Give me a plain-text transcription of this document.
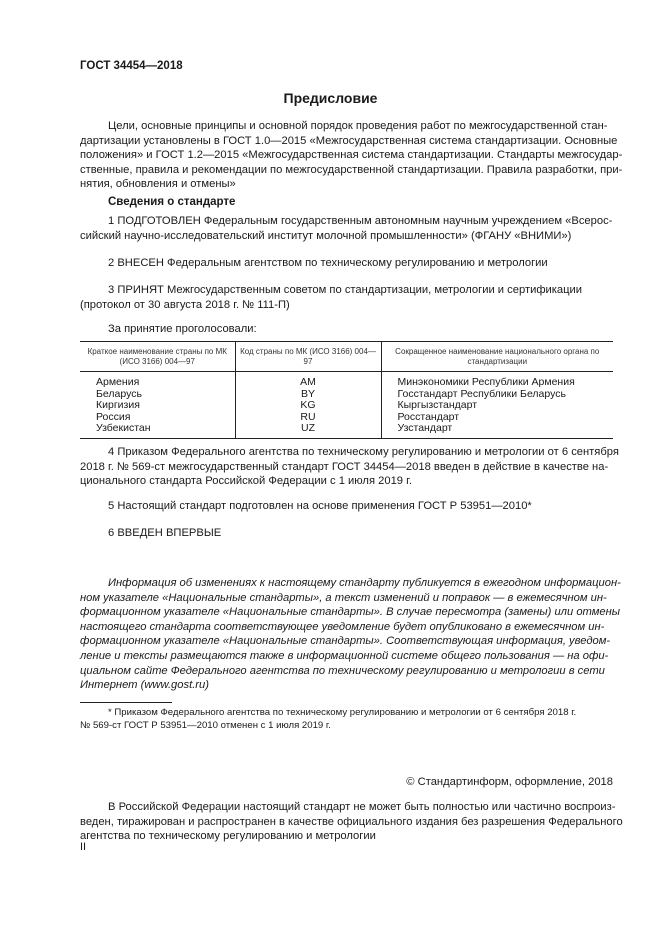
ГОСТ 34454—2018
Предисловие
Цели, основные принципы и основной порядок проведения работ по межгосударственной стан-
дартизации установлены в ГОСТ 1.0—2015 «Межгосударственная система стандартизации. Основные
положения» и ГОСТ 1.2—2015 «Межгосударственная система стандартизации. Стандарты межгосудар-
ственные, правила и рекомендации по межгосударственной стандартизации. Правила разработки, при-
нятия, обновления и отмены»
Сведения о стандарте
1 ПОДГОТОВЛЕН Федеральным государственным автономным научным учреждением «Всерос-
сийский научно-исследовательский институт молочной промышленности» (ФГАНУ «ВНИМИ»)
2 ВНЕСЕН Федеральным агентством по техническому регулированию и метрологии
3 ПРИНЯТ Межгосударственным советом по стандартизации, метрологии и сертификации
(протокол от 30 августа 2018 г. № 111-П)
За принятие проголосовали:
Краткое наименование страны по МК (ИСО 3166) 004—97	Код страны по МК (ИСО 3166) 004—97	Сокращенное наименование национального органа по стандартизации
Армения	AM	Минэкономики Республики Армения
Беларусь	BY	Госстандарт Республики Беларусь
Киргизия	KG	Кыргызстандарт
Россия	RU	Росстандарт
Узбекистан	UZ	Узстандарт
4 Приказом Федерального агентства по техническому регулированию и метрологии от 6 сентября
2018 г. № 569-ст межгосударственный стандарт ГОСТ 34454—2018 введен в действие в качестве на-
ционального стандарта Российской Федерации с 1 июля 2019 г.
5 Настоящий стандарт подготовлен на основе применения ГОСТ Р 53951—2010*
6 ВВЕДЕН ВПЕРВЫЕ
Информация об изменениях к настоящему стандарту публикуется в ежегодном информацион-
ном указателе «Национальные стандарты», а текст изменений и поправок — в ежемесячном ин-
формационном указателе «Национальные стандарты». В случае пересмотра (замены) или отмены
настоящего стандарта соответствующее уведомление будет опубликовано в ежемесячном ин-
формационном указателе «Национальные стандарты». Соответствующая информация, уведом-
ление и тексты размещаются также в информационной системе общего пользования — на офи-
циальном сайте Федерального агентства по техническому регулированию и метрологии в сети
Интернет (www.gost.ru)
* Приказом Федерального агентства по техническому регулированию и метрологии от 6 сентября 2018 г.
№ 569-ст ГОСТ Р 53951—2010 отменен с 1 июля 2019 г.
© Стандартинформ, оформление, 2018
В Российской Федерации настоящий стандарт не может быть полностью или частично воспроиз-
веден, тиражирован и распространен в качестве официального издания без разрешения Федерального
агентства по техническому регулированию и метрологии
II
